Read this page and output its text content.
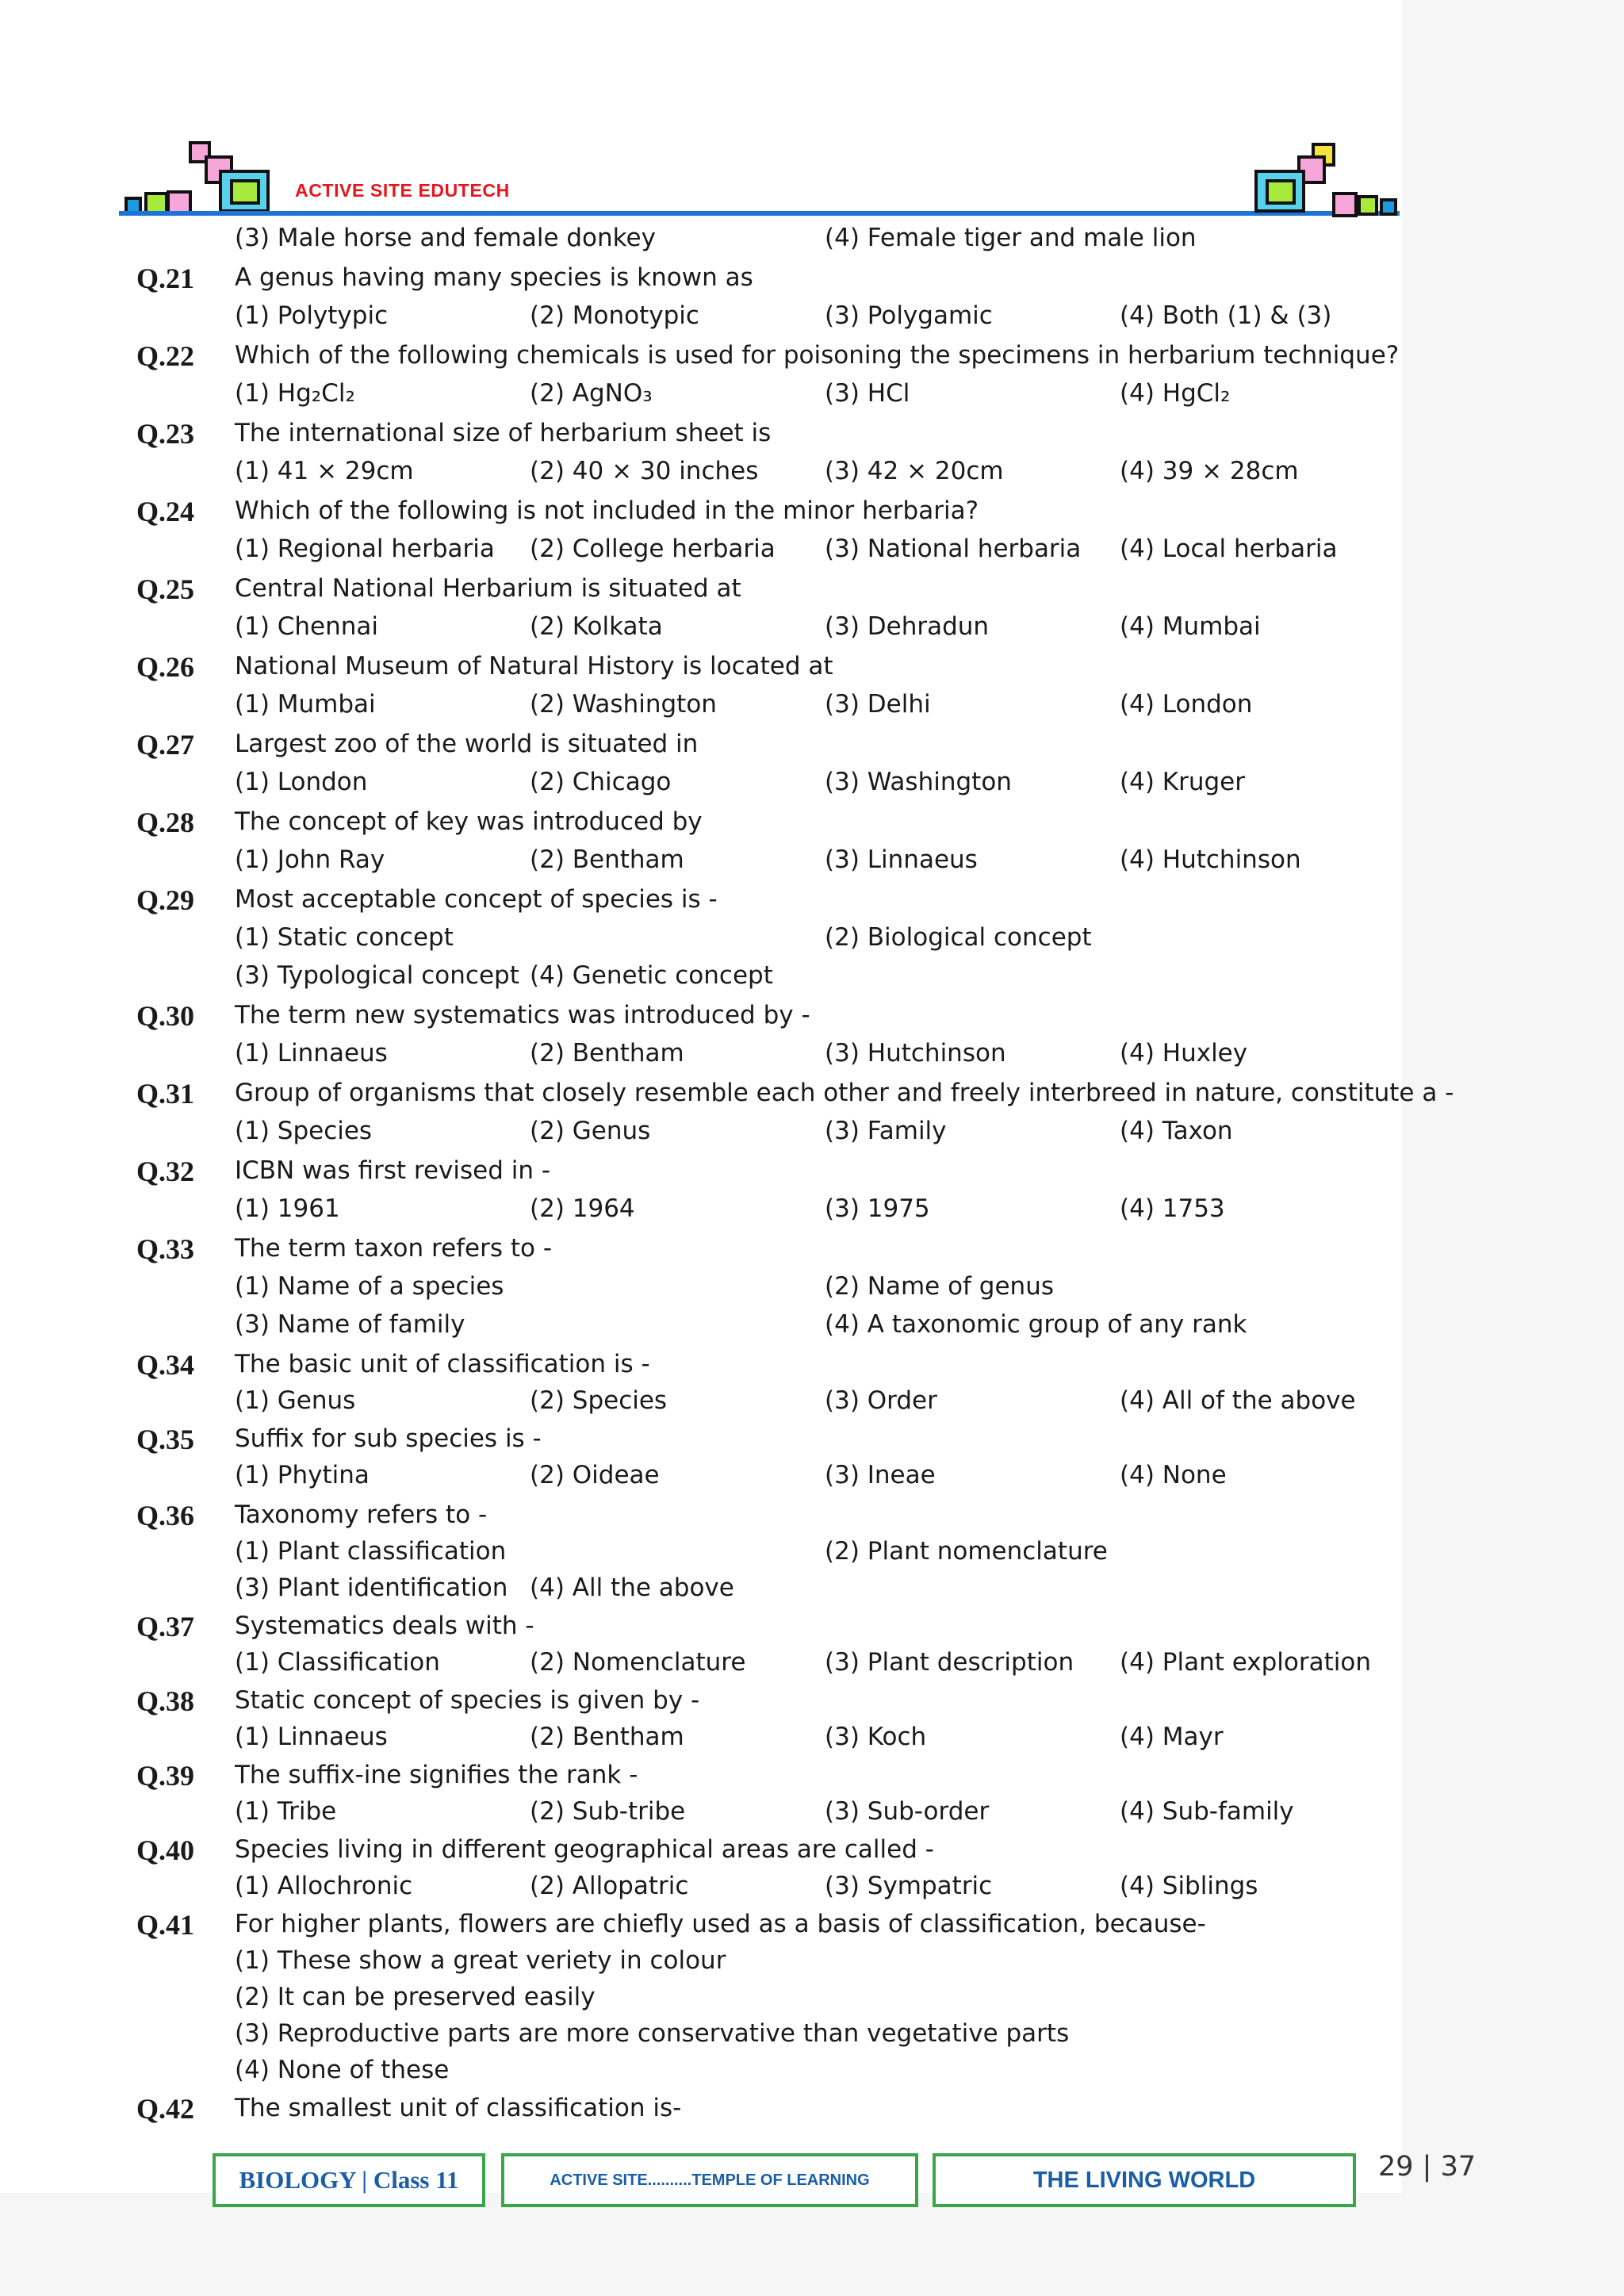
ACTIVE SITE EDUTECH
(3) Male horse and female donkey	(4) Female tiger and male lion
Q.21	A genus having many species is known as
(1) Polytypic	(2) Monotypic	(3) Polygamic	(4) Both (1) & (3)
Q.22	Which of the following chemicals is used for poisoning the specimens in herbarium technique?
(1) Hg₂Cl₂	(2) AgNO₃	(3) HCl	(4) HgCl₂
Q.23	The international size of herbarium sheet is
(1) 41 × 29cm	(2) 40 × 30 inches	(3) 42 × 20cm	(4) 39 × 28cm
Q.24	Which of the following is not included in the minor herbaria?
(1) Regional herbaria (2) College herbaria (3) National herbaria (4) Local herbaria
Q.25	Central National Herbarium is situated at
(1) Chennai	(2) Kolkata	(3) Dehradun	(4) Mumbai
Q.26	National Museum of Natural History is located at
(1) Mumbai	(2) Washington	(3) Delhi	(4) London
Q.27	Largest zoo of the world is situated in
(1) London	(2) Chicago	(3) Washington	(4) Kruger
Q.28	The concept of key was introduced by
(1) John Ray	(2) Bentham	(3) Linnaeus	(4) Hutchinson
Q.29	Most acceptable concept of species is -
(1) Static concept	(2) Biological concept
(3) Typological concept (4) Genetic concept
Q.30	The term new systematics was introduced by -
(1) Linnaeus	(2) Bentham	(3) Hutchinson	(4) Huxley
Q.31	Group of organisms that closely resemble each other and freely interbreed in nature, constitute a -
(1) Species	(2) Genus	(3) Family	(4) Taxon
Q.32	ICBN was first revised in -
(1) 1961	(2) 1964	(3) 1975	(4) 1753
Q.33	The term taxon refers to -
(1) Name of a species	(2) Name of genus
(3) Name of family	(4) A taxonomic group of any rank
Q.34	The basic unit of classification is -
(1) Genus	(2) Species	(3) Order	(4) All of the above
Q.35	Suffix for sub species is -
(1) Phytina	(2) Oideae	(3) Ineae	(4) None
Q.36	Taxonomy refers to -
(1) Plant classification	(2) Plant nomenclature
(3) Plant identification (4) All the above
Q.37	Systematics deals with -
(1) Classification	(2) Nomenclature	(3) Plant description (4) Plant exploration
Q.38	Static concept of species is given by -
(1) Linnaeus	(2) Bentham	(3) Koch	(4) Mayr
Q.39	The suffix-ine signifies the rank -
(1) Tribe	(2) Sub-tribe	(3) Sub-order	(4) Sub-family
Q.40	Species living in different geographical areas are called -
(1) Allochronic	(2) Allopatric	(3) Sympatric	(4) Siblings
Q.41	For higher plants, flowers are chiefly used as a basis of classification, because-
(1) These show a great veriety in colour
(2) It can be preserved easily
(3) Reproductive parts are more conservative than vegetative parts
(4) None of these
Q.42	The smallest unit of classification is-
BIOLOGY | Class 11	ACTIVE SITE..........TEMPLE OF LEARNING	THE LIVING WORLD	29 | 37
